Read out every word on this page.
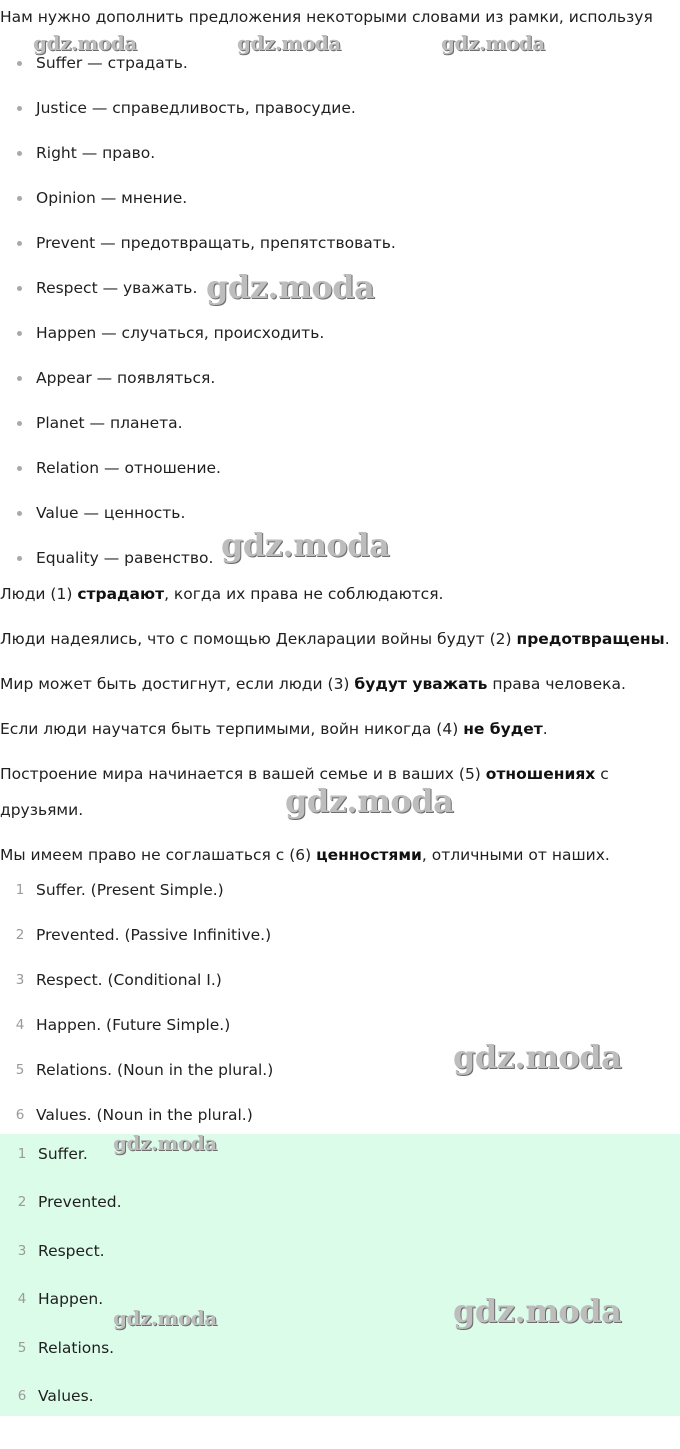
Нам нужно дополнить предложения некоторыми словами из рамки, используя

Suffer — страдать.
Justice — справедливость, правосудие.
Right — право.
Opinion — мнение.
Prevent — предотвращать, препятствовать.
Respect — уважать.
Happen — случаться, происходить.
Appear — появляться.
Planet — планета.
Relation — отношение.
Value — ценность.
Equality — равенство.

Люди (1) страдают, когда их права не соблюдаются.

Люди надеялись, что с помощью Декларации войны будут (2) предотвращены.

Мир может быть достигнут, если люди (3) будут уважать права человека.

Если люди научатся быть терпимыми, войн никогда (4) не будет.

Построение мира начинается в вашей семье и в ваших (5) отношениях с друзьями.

Мы имеем право не соглашаться с (6) ценностями, отличными от наших.

1 Suffer. (Present Simple.)
2 Prevented. (Passive Infinitive.)
3 Respect. (Conditional I.)
4 Happen. (Future Simple.)
5 Relations. (Noun in the plural.)
6 Values. (Noun in the plural.)
1 Suffer.
2 Prevented.
3 Respect.
4 Happen.
5 Relations.
6 Values.
gdz.moda	gdz.moda	gdz.moda
gdz.moda
gdz.moda
gdz.moda
gdz.moda
gdz.moda
gdz.moda
gdz.moda
